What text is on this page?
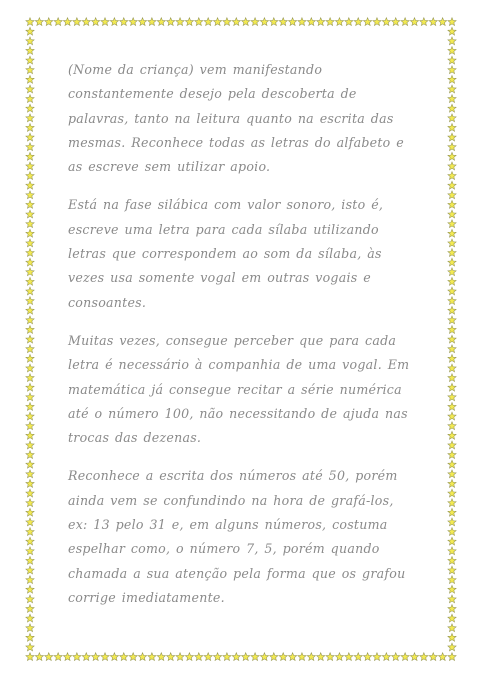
(Nome da criança) vem manifestando constantemente desejo pela descoberta de palavras, tanto na leitura quanto na escrita das mesmas. Reconhece todas as letras do alfabeto e as escreve sem utilizar apoio.

Está na fase silábica com valor sonoro, isto é, escreve uma letra para cada sílaba utilizando letras que correspondem ao som da sílaba, às vezes usa somente vogal em outras vogais e consoantes.

Muitas vezes, consegue perceber que para cada letra é necessário à companhia de uma vogal. Em matemática já consegue recitar a série numérica até o número 100, não necessitando de ajuda nas trocas das dezenas.

Reconhece a escrita dos números até 50, porém ainda vem se confundindo na hora de grafá-los, ex: 13 pelo 31 e, em alguns números, costuma espelhar como, o número 7, 5, porém quando chamada a sua atenção pela forma que os grafou corrige imediatamente.
